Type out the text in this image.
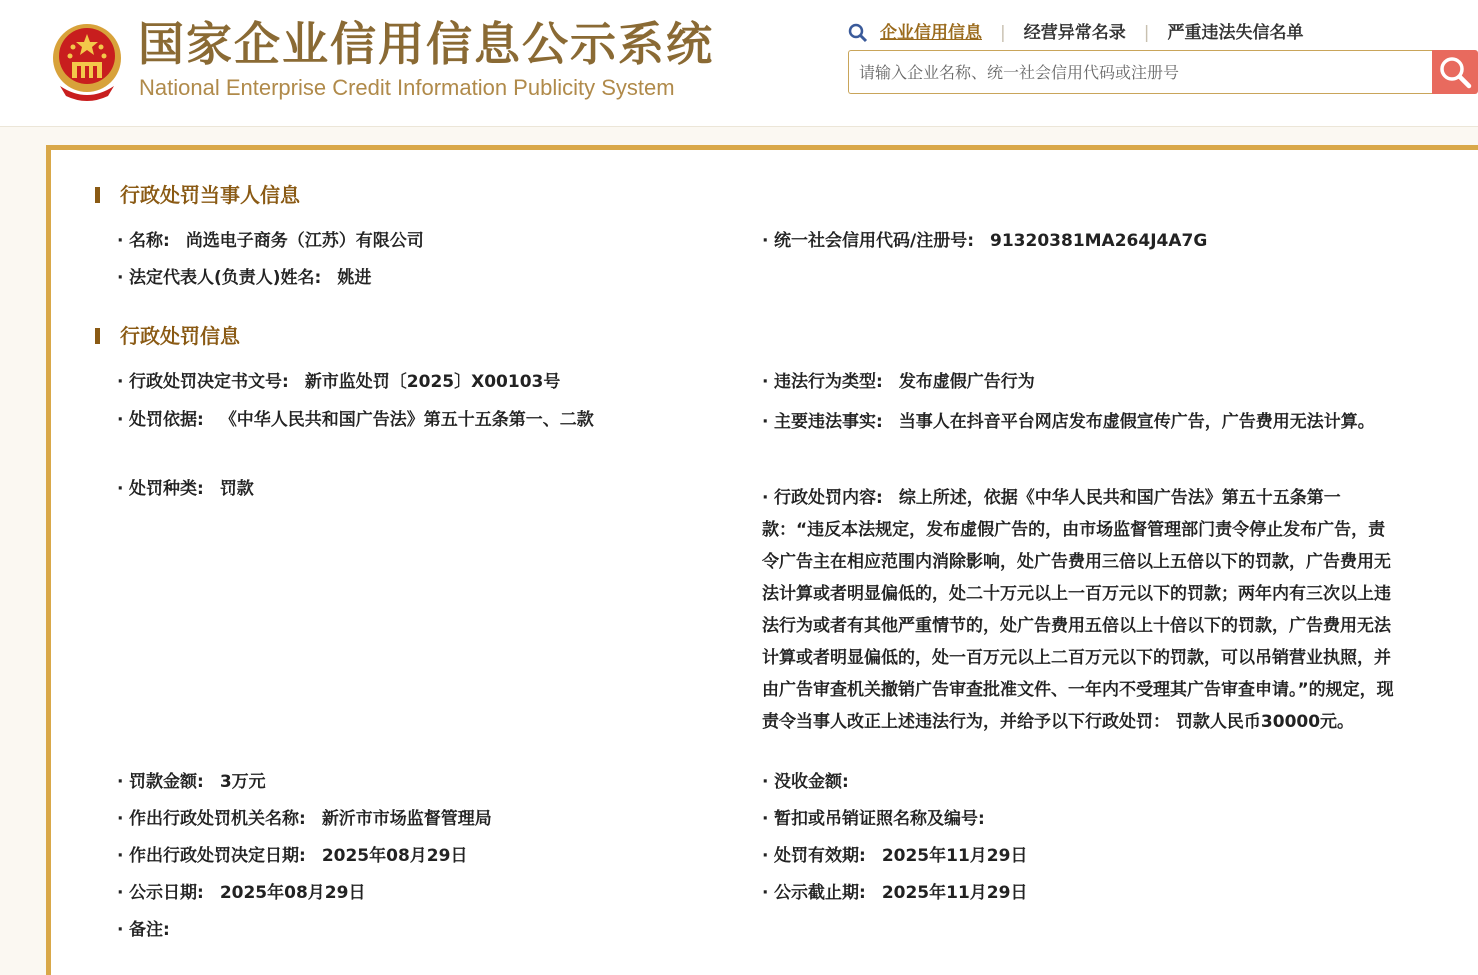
国家企业信用信息公示系统
National Enterprise Credit Information Publicity System
企业信用信息 | 经营异常名录 | 严重违法失信名单
请输入企业名称、统一社会信用代码或注册号
行政处罚当事人信息
· 名称: 尚选电子商务（江苏）有限公司	· 统一社会信用代码/注册号: 91320381MA264J4A7G
· 法定代表人(负责人)姓名: 姚进
行政处罚信息
· 行政处罚决定书文号: 新市监处罚〔2025〕X00103号	· 违法行为类型: 发布虚假广告行为
· 处罚依据: 《中华人民共和国广告法》第五十五条第一、二款	· 主要违法事实: 当事人在抖音平台网店发布虚假宣传广告，广告费用无法计算。
· 处罚种类: 罚款	· 行政处罚内容: 综上所述，依据《中华人民共和国广告法》第五十五条第一款：“违反本法规定，发布虚假广告的，由市场监督管理部门责令停止发布广告，责令广告主在相应范围内消除影响，处广告费用三倍以上五倍以下的罚款，广告费用无法计算或者明显偏低的，处二十万元以上一百万元以下的罚款；两年内有三次以上违法行为或者有其他严重情节的，处广告费用五倍以上十倍以下的罚款，广告费用无法计算或者明显偏低的，处一百万元以上二百万元以下的罚款，可以吊销营业执照，并由广告审查机关撤销广告审查批准文件、一年内不受理其广告审查申请。”的规定，现责令当事人改正上述违法行为，并给予以下行政处罚： 罚款人民币30000元。
· 罚款金额: 3万元	· 没收金额:
· 作出行政处罚机关名称: 新沂市市场监督管理局	· 暂扣或吊销证照名称及编号:
· 作出行政处罚决定日期: 2025年08月29日	· 处罚有效期: 2025年11月29日
· 公示日期: 2025年08月29日	· 公示截止期: 2025年11月29日
· 备注:
